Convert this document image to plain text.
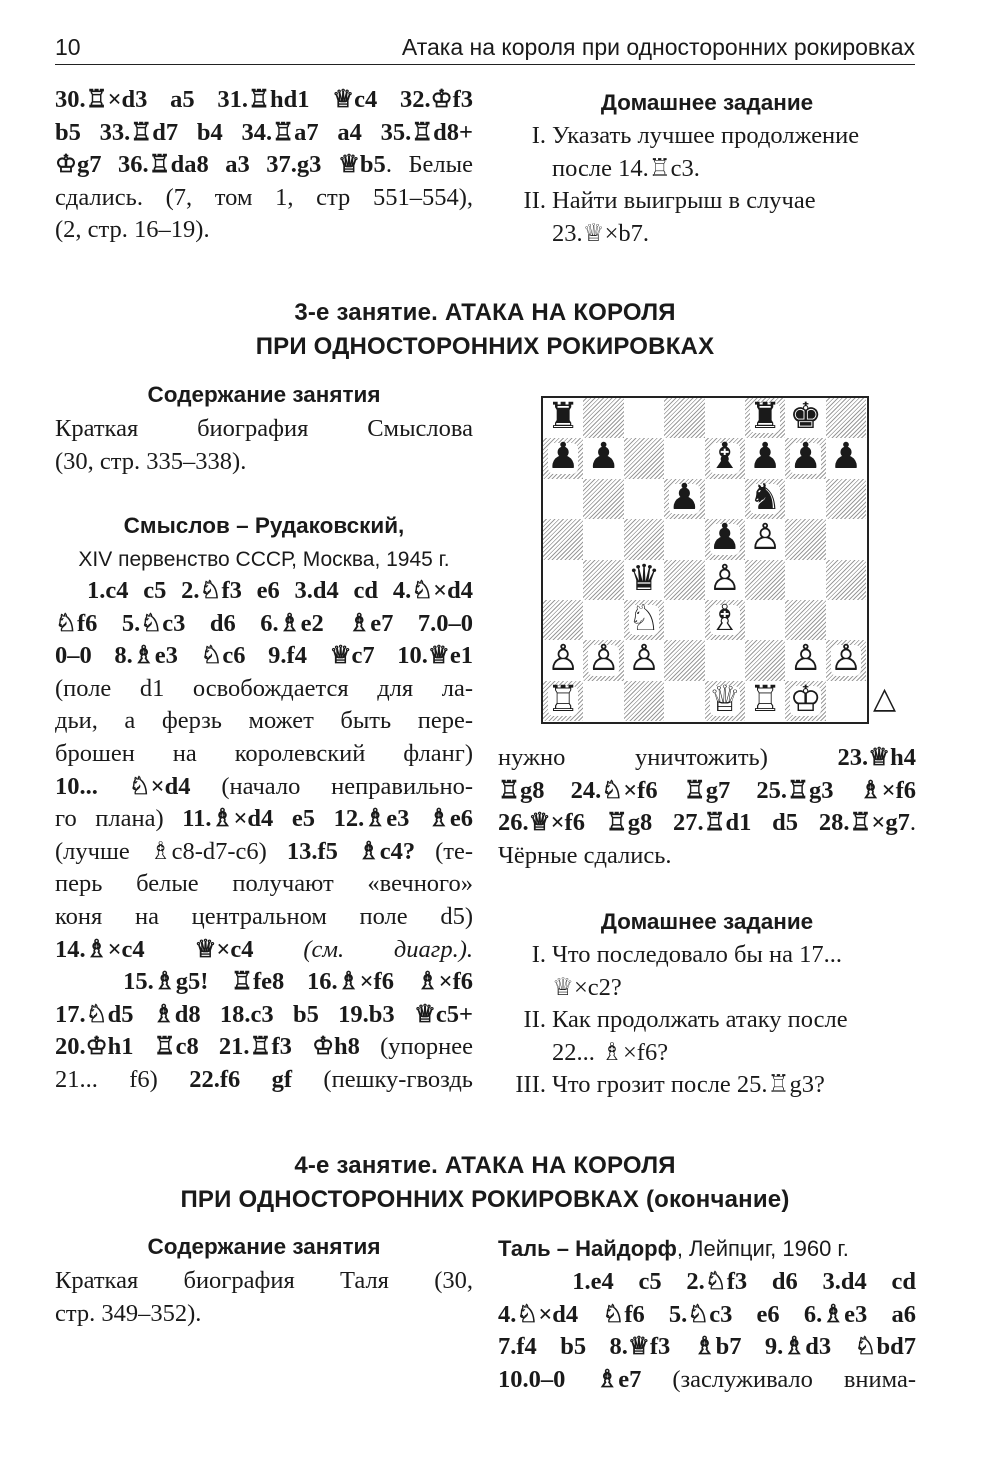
10	Атака на короля при односторонних рокировках
30.♖×d3 a5 31.♖hd1 ♕c4 32.♔f3
b5 33.♖d7 b4 34.♖a7 a4 35.♖d8+
♔g7 36.♖da8 a3 37.g3 ♕b5. Белые
сдались. (7, том 1, стр 551–554),
(2, стр. 16–19).
Домашнее задание
I. Указать лучшее продолжение
после 14.♖c3.
II. Найти выигрыш в случае
23.♕×b7.
3-е занятие. АТАКА НА КОРОЛЯ
ПРИ ОДНОСТОРОННИХ РОКИРОВКАХ
Содержание занятия
Краткая биография Смыслова
(30, стр. 335–338).
Смыслов – Рудаковский,
XIV первенство СССР, Москва, 1945 г.
1.c4 c5 2.♘f3 e6 3.d4 cd 4.♘×d4
♘f6 5.♘c3 d6 6.♗e2 ♗e7 7.0–0
0–0 8.♗e3 ♘c6 9.f4 ♕c7 10.♕e1
(поле d1 освобождается для ла-
дьи, а ферзь может быть пере-
брошен на королевский фланг)
10... ♘×d4 (начало неправильно-
го плана) 11.♗×d4 e5 12.♗e3 ♗e6
(лучше ♗c8-d7-c6) 13.f5 ♗c4? (те-
перь белые получают «вечного»
коня на центральном поле d5)
14.♗×c4 ♕×c4 (см. диагр.).
15.♗g5! ♖fe8 16.♗×f6 ♗×f6
17.♘d5 ♗d8 18.c3 b5 19.b3 ♕c5+
20.♔h1 ♖c8 21.♖f3 ♔h8 (упорнее
21... f6) 22.f6 gf (пешку-гвоздь
♜	♜ ♚
♟ ♟ ♝ ♟ ♟ ♟
♟ ♞
♟ ♙
♛ ♙
♘ ♗
♙ ♙ ♙	♙ ♙
♖	♕ ♖ ♔ △
нужно уничтожить) 23.♕h4
♖g8 24.♘×f6 ♖g7 25.♖g3 ♗×f6
26.♕×f6 ♖g8 27.♖d1 d5 28.♖×g7.
Чёрные сдались.
Домашнее задание
I. Что последовало бы на 17...
♕×c2?
II. Как продолжать атаку после
22... ♗×f6?
III. Что грозит после 25.♖g3?
4-е занятие. АТАКА НА КОРОЛЯ
ПРИ ОДНОСТОРОННИХ РОКИРОВКАХ (окончание)
Содержание занятия
Краткая биография Таля (30,
стр. 349–352).
Таль – Найдорф, Лейпциг, 1960 г.
1.e4 c5 2.♘f3 d6 3.d4 cd
4.♘×d4 ♘f6 5.♘c3 e6 6.♗e3 a6
7.f4 b5 8.♕f3 ♗b7 9.♗d3 ♘bd7
10.0–0 ♗e7 (заслуживало внима-
